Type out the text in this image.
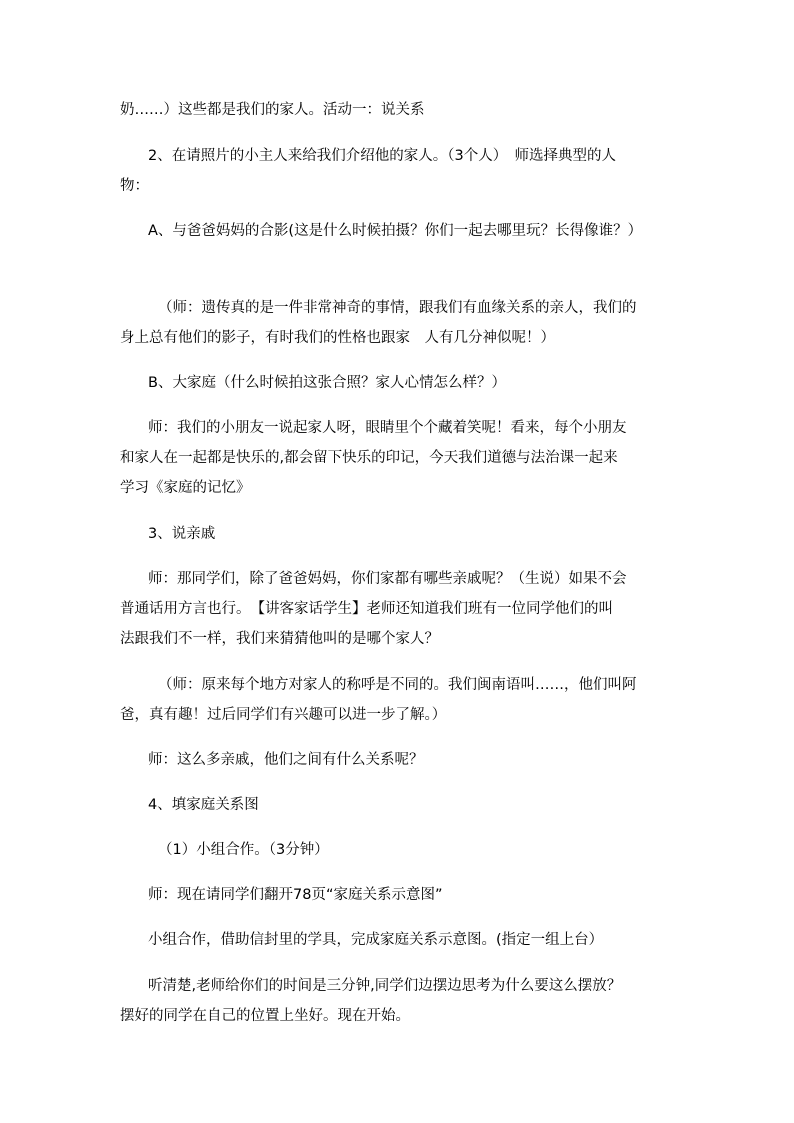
奶……）这些都是我们的家人。活动一：说关系
2、在请照片的小主人来给我们介绍他的家人。（3个人）　师选择典型的人
物：
A、与爸爸妈妈的合影(这是什么时候拍摄？你们一起去哪里玩？长得像谁？）
（师：遗传真的是一件非常神奇的事情，跟我们有血缘关系的亲人，我们的
身上总有他们的影子，有时我们的性格也跟家　人有几分神似呢！）
B、大家庭（什么时候拍这张合照？家人心情怎么样？）
师：我们的小朋友一说起家人呀，眼睛里个个藏着笑呢！看来，每个小朋友
和家人在一起都是快乐的,都会留下快乐的印记，今天我们道德与法治课一起来
学习《家庭的记忆》
3、说亲戚
师：那同学们，除了爸爸妈妈，你们家都有哪些亲戚呢？（生说）如果不会
普通话用方言也行。　【讲客家话学生】老师还知道我们班有一位同学他们的叫
法跟我们不一样，我们来猜猜他叫的是哪个家人？
（师：原来每个地方对家人的称呼是不同的。我们闽南语叫……，他们叫阿
爸，真有趣！过后同学们有兴趣可以进一步了解。）
师：这么多亲戚，他们之间有什么关系呢？
4、填家庭关系图
（1）小组合作。（3分钟）
师：现在请同学们翻开78页“家庭关系示意图”
小组合作，借助信封里的学具，完成家庭关系示意图。(指定一组上台）
听清楚,老师给你们的时间是三分钟,同学们边摆边思考为什么要这么摆放？
摆好的同学在自己的位置上坐好。现在开始。
